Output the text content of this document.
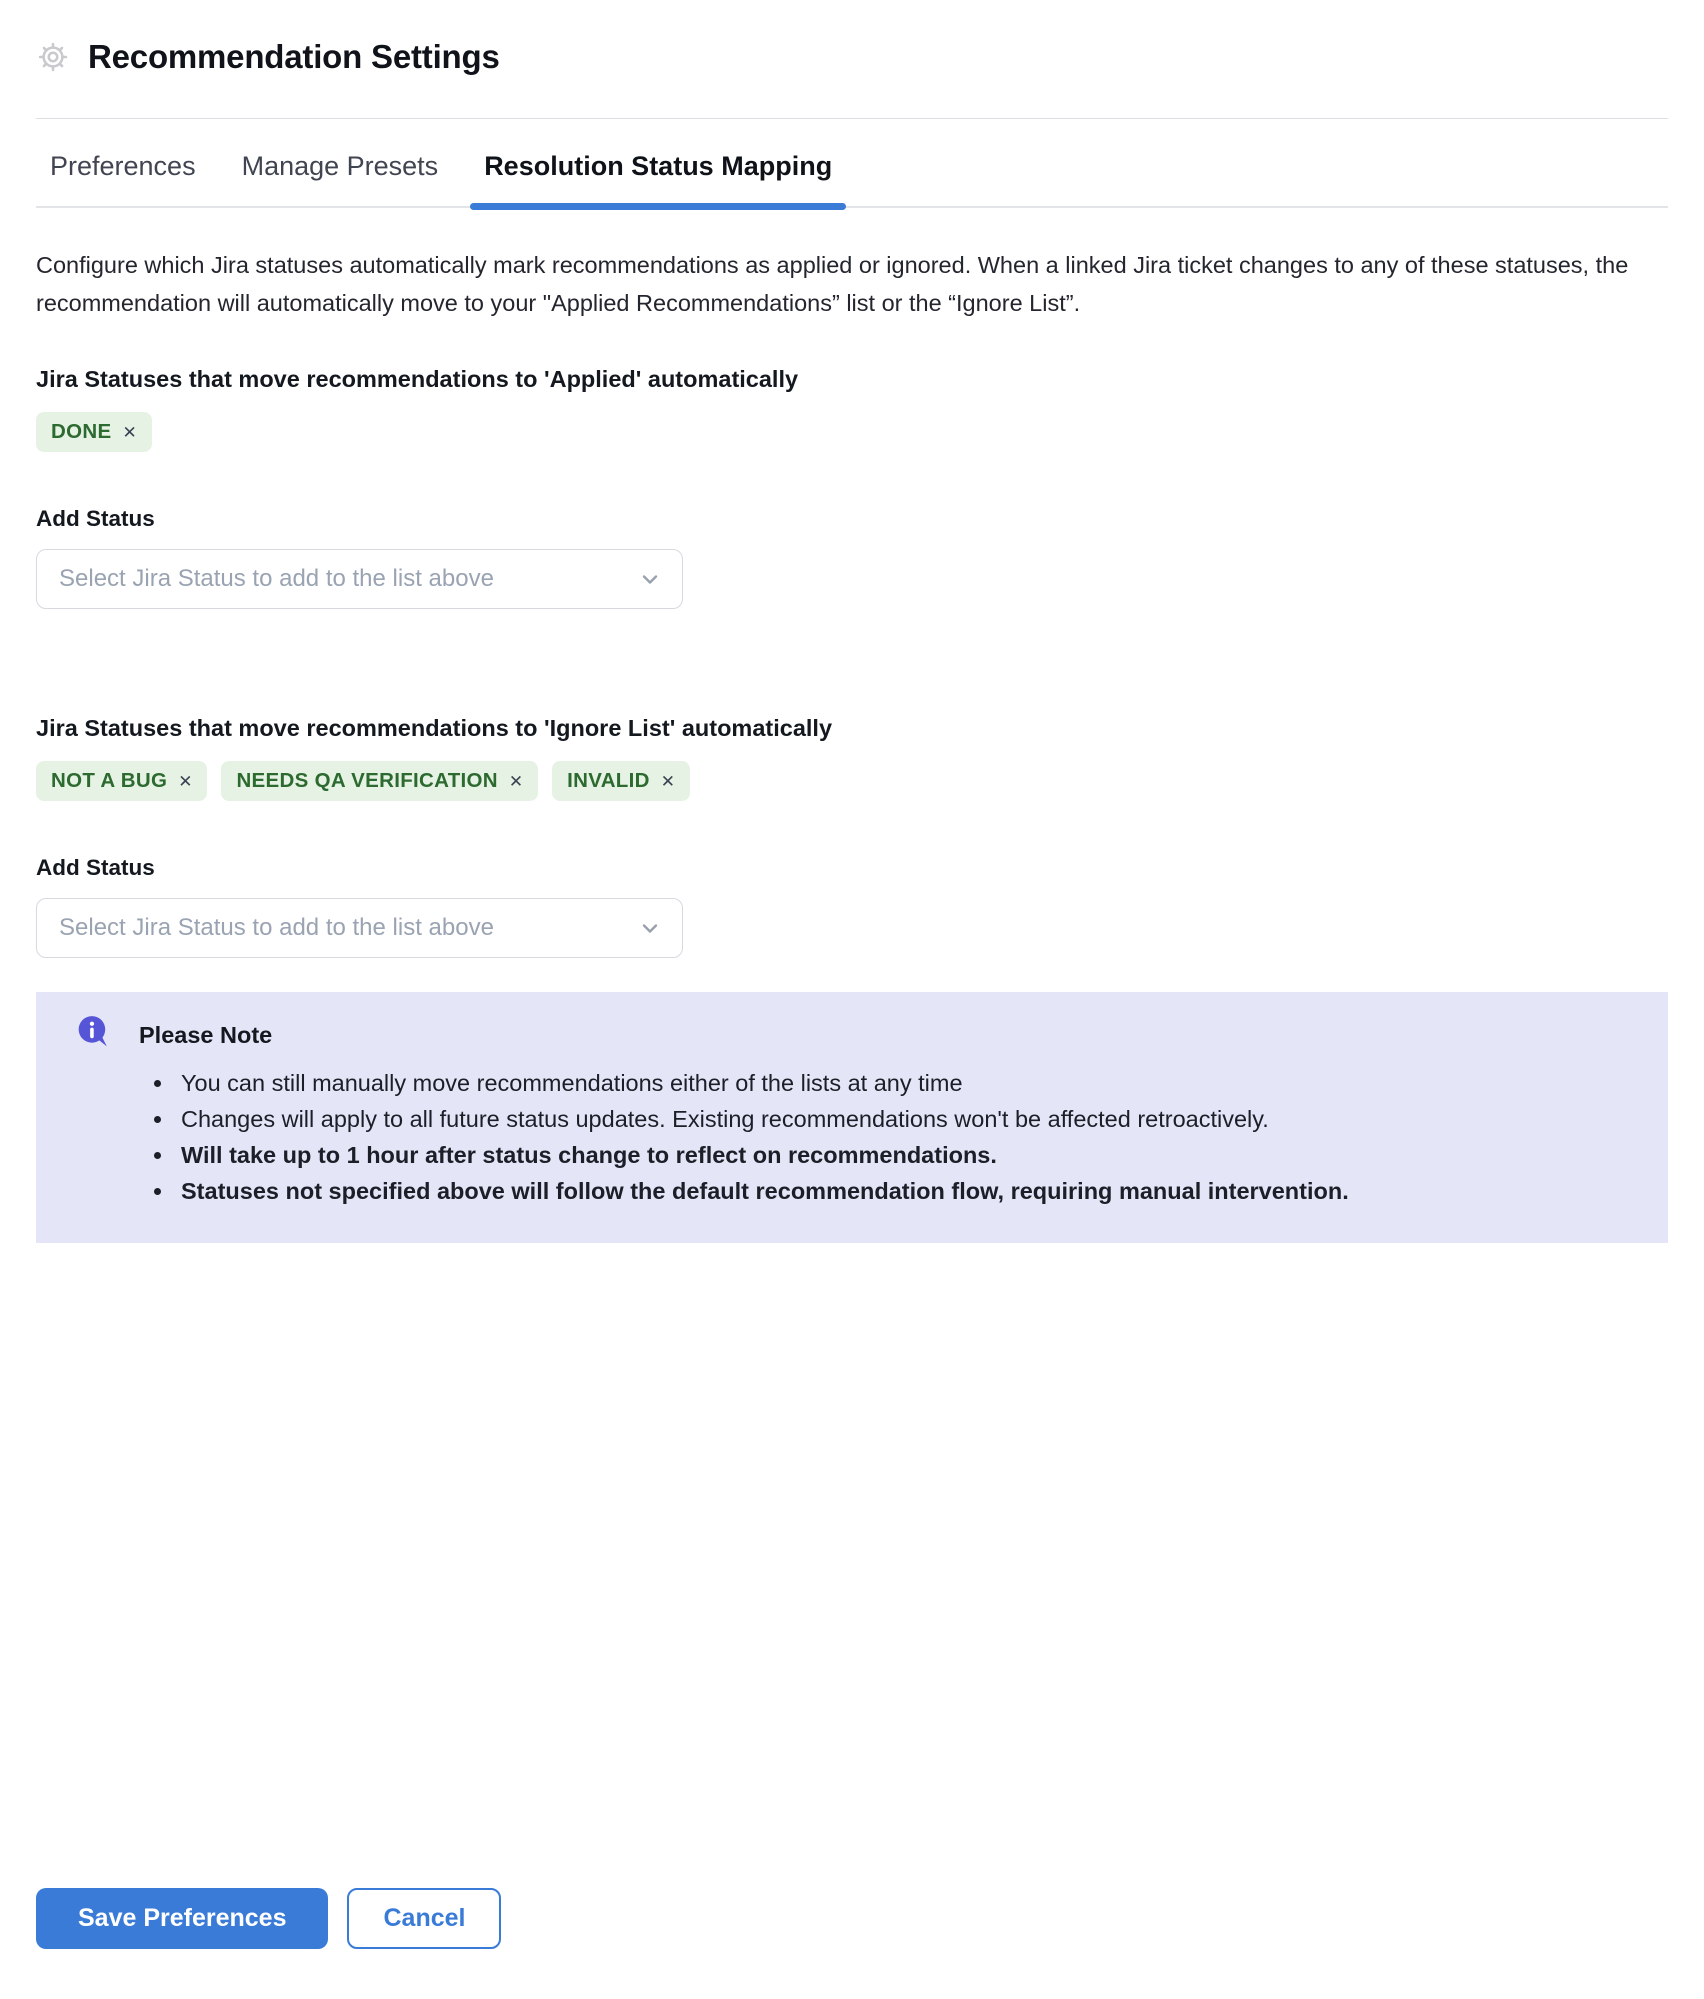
Recommendation Settings
Preferences	Manage Presets	Resolution Status Mapping

Configure which Jira statuses automatically mark recommendations as applied or ignored. When a linked Jira ticket changes to any of these statuses, the recommendation will automatically move to your "Applied Recommendations” list or the “Ignore List”.

Jira Statuses that move recommendations to 'Applied' automatically
DONE ✕
Add Status
Select Jira Status to add to the list above
Jira Statuses that move recommendations to 'Ignore List' automatically
NOT A BUG ✕ NEEDS QA VERIFICATION ✕ INVALID ✕
Add Status
Select Jira Status to add to the list above
Please Note
• You can still manually move recommendations either of the lists at any time
• Changes will apply to all future status updates. Existing recommendations won't be affected retroactively.
• Will take up to 1 hour after status change to reflect on recommendations.
• Statuses not specified above will follow the default recommendation flow, requiring manual intervention.
Save Preferences	Cancel
